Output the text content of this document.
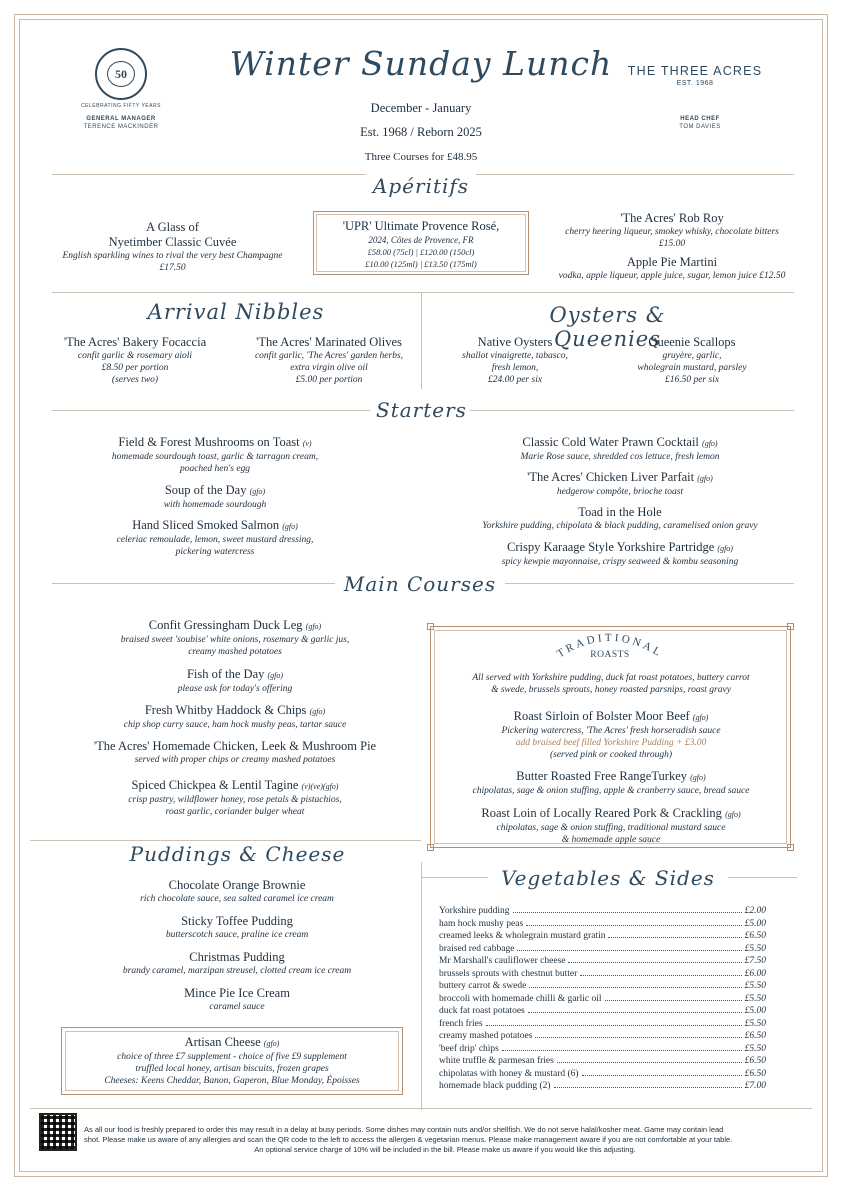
50
CELEBRATING FIFTY YEARS
GENERAL MANAGER
TERENCE MACKINDER
Winter Sunday Lunch
December - January
Est. 1968 / Reborn 2025
Three Courses for £48.95
THE THREE ACRES
EST. 1968
HEAD CHEF
TOM DAVIES
Apéritifs
A Glass of
Nyetimber Classic Cuvée
English sparkling wines to rival the very best Champagne
£17.50
'UPR' Ultimate Provence Rosé,
2024, Côtes de Provence, FR
£58.00 (75cl) | £120.00 (150cl)
£10.00 (125ml) | £13.50 (175ml)
'The Acres' Rob Roy
cherry heering liqueur, smokey whisky, chocolate bitters
£15.00
Apple Pie Martini
vodka, apple liqueur, apple juice, sugar, lemon juice £12.50
Arrival Nibbles	Oysters & Queenies
'The Acres' Bakery Focaccia
confit garlic & rosemary aioli
£8.50 per portion
(serves two)
'The Acres' Marinated Olives
confit garlic, 'The Acres' garden herbs,
extra virgin olive oil
£5.00 per portion
Native Oysters
shallot vinaigrette, tabasco,
fresh lemon,
£24.00 per six
Queenie Scallops
gruyère, garlic,
wholegrain mustard, parsley
£16.50 per six
Starters
Field & Forest Mushrooms on Toast (v)
homemade sourdough toast, garlic & tarragon cream,
poached hen's egg
Soup of the Day (gfo)
with homemade sourdough
Hand Sliced Smoked Salmon (gfo)
celeriac remoulade, lemon, sweet mustard dressing,
pickering watercress
Classic Cold Water Prawn Cocktail (gfo)
Marie Rose sauce, shredded cos lettuce, fresh lemon
'The Acres' Chicken Liver Parfait (gfo)
hedgerow compôte, brioche toast
Toad in the Hole
Yorkshire pudding, chipolata & black pudding, caramelised onion gravy
Crispy Karaage Style Yorkshire Partridge (gfo)
spicy kewpie mayonnaise, crispy seaweed & kombu seasoning
Main Courses
Confit Gressingham Duck Leg (gfo)
braised sweet 'soubise' white onions, rosemary & garlic jus,
creamy mashed potatoes
Fish of the Day (gfo)
please ask for today's offering
Fresh Whitby Haddock & Chips (gfo)
chip shop curry sauce, ham hock mushy peas, tartar sauce
'The Acres' Homemade Chicken, Leek & Mushroom Pie
served with proper chips or creamy mashed potatoes
Spiced Chickpea & Lentil Tagine (v)(ve)(gfo)
crisp pastry, wildflower honey, rose petals & pistachios,
roast garlic, coriander bulger wheat
TRADITIONAL
ROASTS
All served with Yorkshire pudding, duck fat roast potatoes, buttery carrot
& swede, brussels sprouts, honey roasted parsnips, roast gravy
Roast Sirloin of Bolster Moor Beef (gfo)
Pickering watercress, 'The Acres' fresh horseradish sauce
add braised beef filled Yorkshire Pudding + £3.00
(served pink or cooked through)
Butter Roasted Free RangeTurkey (gfo)
chipolatas, sage & onion stuffing, apple & cranberry sauce, bread sauce
Roast Loin of Locally Reared Pork & Crackling (gfo)
chipolatas, sage & onion stuffing, traditional mustard sauce
& homemade apple sauce
Puddings & Cheese
Chocolate Orange Brownie
rich chocolate sauce, sea salted caramel ice cream
Sticky Toffee Pudding
butterscotch sauce, praline ice cream
Christmas Pudding
brandy caramel, marzipan streusel, clotted cream ice cream
Mince Pie Ice Cream
caramel sauce
Artisan Cheese (gfo)
choice of three £7 supplement - choice of five £9 supplement
truffled local honey, artisan biscuits, frozen grapes
Cheeses: Keens Cheddar, Banon, Gaperon, Blue Monday, Époisses
Vegetables & Sides
Yorkshire pudding	£2.00
ham hock mushy peas	£5.00
creamed leeks & wholegrain mustard gratin	£6.50
braised red cabbage	£5.50
Mr Marshall's cauliflower cheese	£7.50
brussels sprouts with chestnut butter	£6.00
buttery carrot & swede	£5.50
broccoli with homemade chilli & garlic oil	£5.50
duck fat roast potatoes	£5.00
french fries	£5.50
creamy mashed potatoes	£6.50
'beef drip' chips	£5.50
white truffle & parmesan fries	£6.50
chipolatas with honey & mustard (6)	£6.50
homemade black pudding (2)	£7.00
As all our food is freshly prepared to order this may result in a delay at busy periods. Some dishes may contain nuts and/or shellfish. We do not serve halal/kosher meat. Game may contain lead
shot. Please make us aware of any allergies and scan the QR code to the left to access the allergen & vegetarian menus. Please make management aware if you are not comfortable at your table.
An optional service charge of 10% will be included in the bill. Please make us aware if you would like this adjusting.
